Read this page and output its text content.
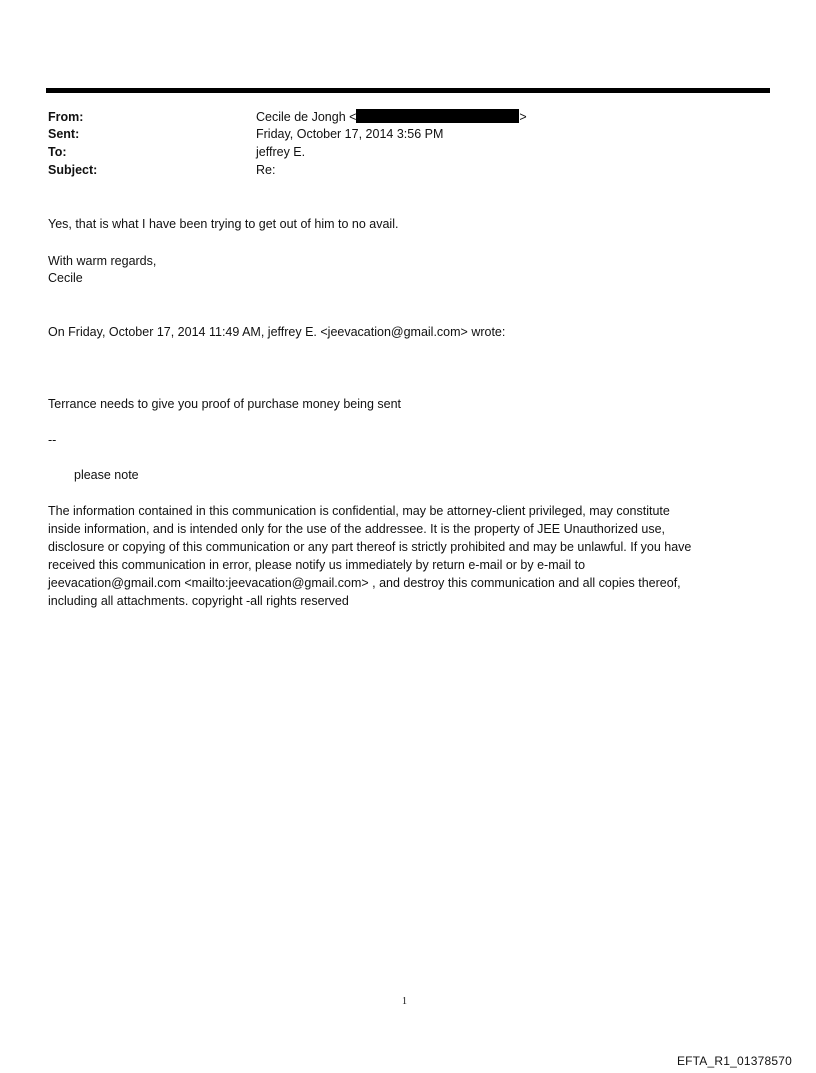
From:	Cecile de Jongh <	>
Sent:	Friday, October 17, 2014 3:56 PM
To:	jeffrey E.
Subject:	Re:
Yes, that is what I have been trying to get out of him to no avail.
With warm regards,
Cecile
On Friday, October 17, 2014 11:49 AM, jeffrey E. <jeevacation@gmail.com> wrote:
Terrance needs to give you proof of purchase money being sent
--
please note
The information contained in this communication is confidential, may be attorney-client privileged, may constitute
inside information, and is intended only for the use of the addressee. It is the property of JEE Unauthorized use,
disclosure or copying of this communication or any part thereof is strictly prohibited and may be unlawful. If you have
received this communication in error, please notify us immediately by return e-mail or by e-mail to
jeevacation@gmail.com <mailto:jeevacation@gmail.com> , and destroy this communication and all copies thereof,
including all attachments. copyright -all rights reserved
1
EFTA_R1_01378570
